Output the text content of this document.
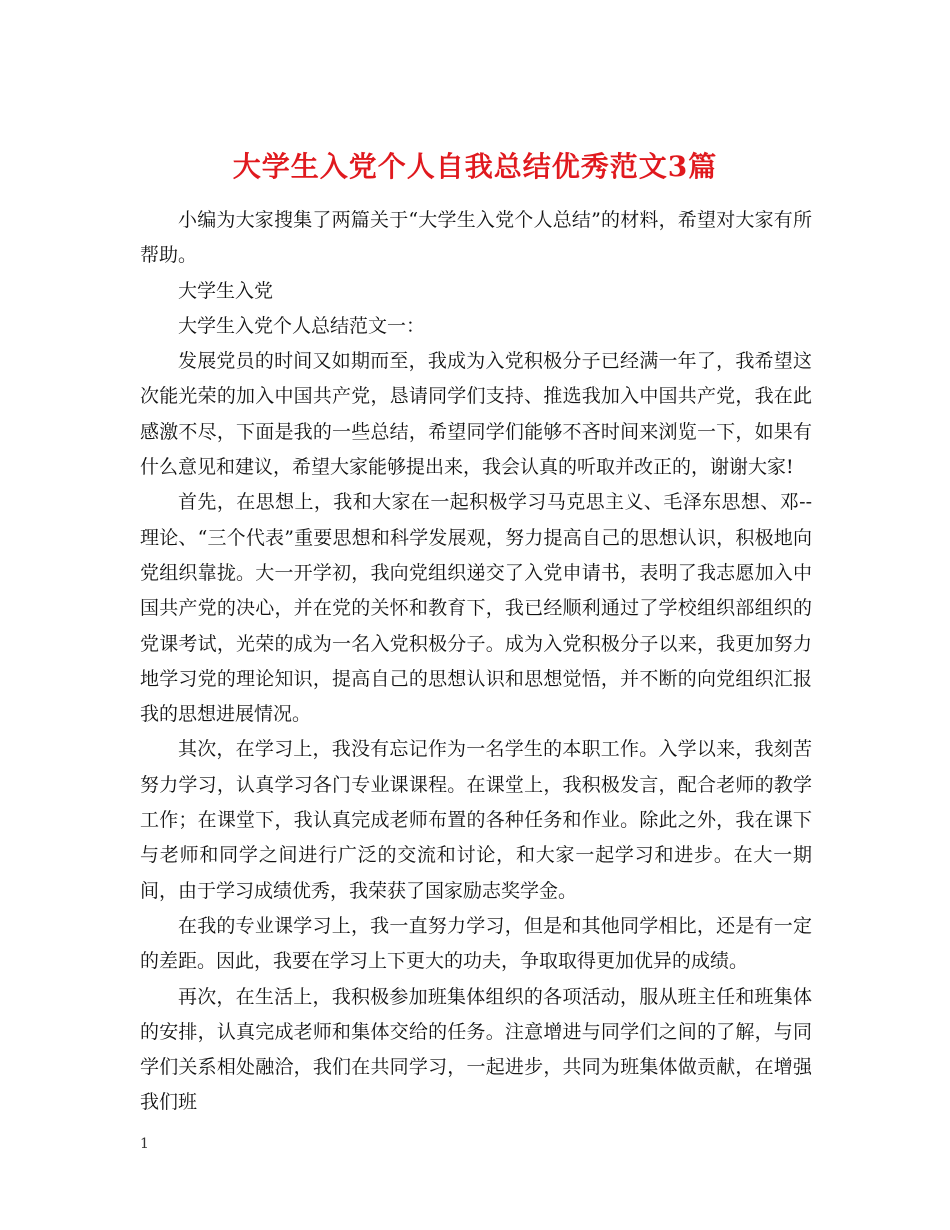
大学生入党个人自我总结优秀范文3篇

小编为大家搜集了两篇关于“大学生入党个人总结”的材料，希望对大家有所帮助。

大学生入党

大学生入党个人总结范文一：

发展党员的时间又如期而至，我成为入党积极分子已经满一年了，我希望这次能光荣的加入中国共产党，恳请同学们支持、推选我加入中国共产党，我在此感激不尽，下面是我的一些总结，希望同学们能够不吝时间来浏览一下，如果有什么意见和建议，希望大家能够提出来，我会认真的听取并改正的，谢谢大家!

首先，在思想上，我和大家在一起积极学习马克思主义、毛泽东思想、邓--理论、“三个代表”重要思想和科学发展观，努力提高自己的思想认识，积极地向党组织靠拢。大一开学初，我向党组织递交了入党申请书，表明了我志愿加入中国共产党的决心，并在党的关怀和教育下，我已经顺利通过了学校组织部组织的党课考试，光荣的成为一名入党积极分子。成为入党积极分子以来，我更加努力地学习党的理论知识，提高自己的思想认识和思想觉悟，并不断的向党组织汇报我的思想进展情况。

其次，在学习上，我没有忘记作为一名学生的本职工作。入学以来，我刻苦努力学习，认真学习各门专业课课程。在课堂上，我积极发言，配合老师的教学工作；在课堂下，我认真完成老师布置的各种任务和作业。除此之外，我在课下与老师和同学之间进行广泛的交流和讨论，和大家一起学习和进步。在大一期间，由于学习成绩优秀，我荣获了国家励志奖学金。

在我的专业课学习上，我一直努力学习，但是和其他同学相比，还是有一定的差距。因此，我要在学习上下更大的功夫，争取取得更加优异的成绩。

再次，在生活上，我积极参加班集体组织的各项活动，服从班主任和班集体的安排，认真完成老师和集体交给的任务。注意增进与同学们之间的了解，与同学们关系相处融洽，我们在共同学习，一起进步，共同为班集体做贡献，在增强我们班

1
